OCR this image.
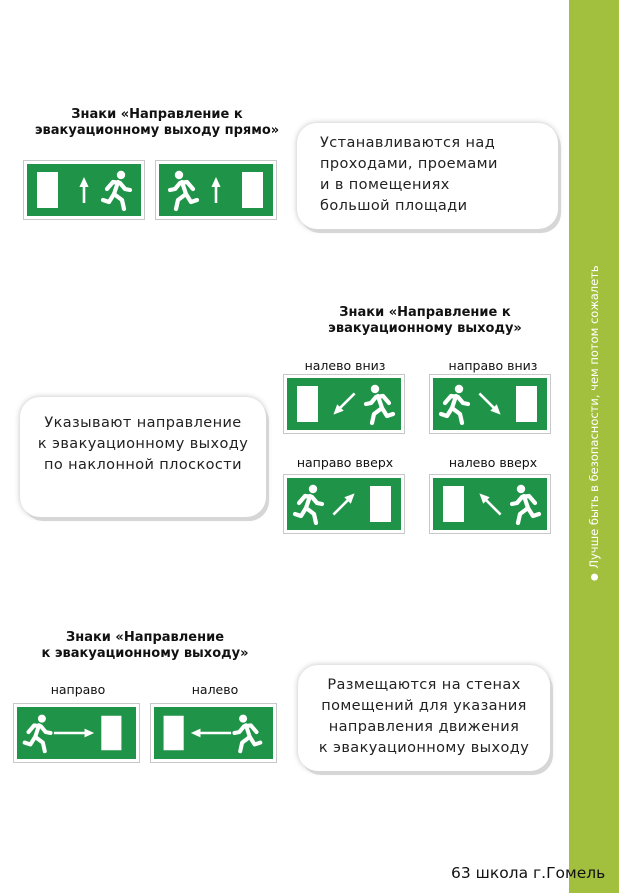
Лучше быть в безопасности, чем потом сожалеть
Знаки «Направление к
эвакуационному выходу прямо»
Устанавливаются над
проходами, проемами
и в помещениях
большой площади
Знаки «Направление к
эвакуационному выходу»
налево вниз	направо вниз
направо вверх	налево вверх
Указывают направление
к эвакуационному выходу
по наклонной плоскости
Знаки «Направление
к эвакуационному выходу»
направо	налево	Размещаются на стенах
помещений для указания
направления движения
к эвакуационному выходу
63 школа г.Гомель
